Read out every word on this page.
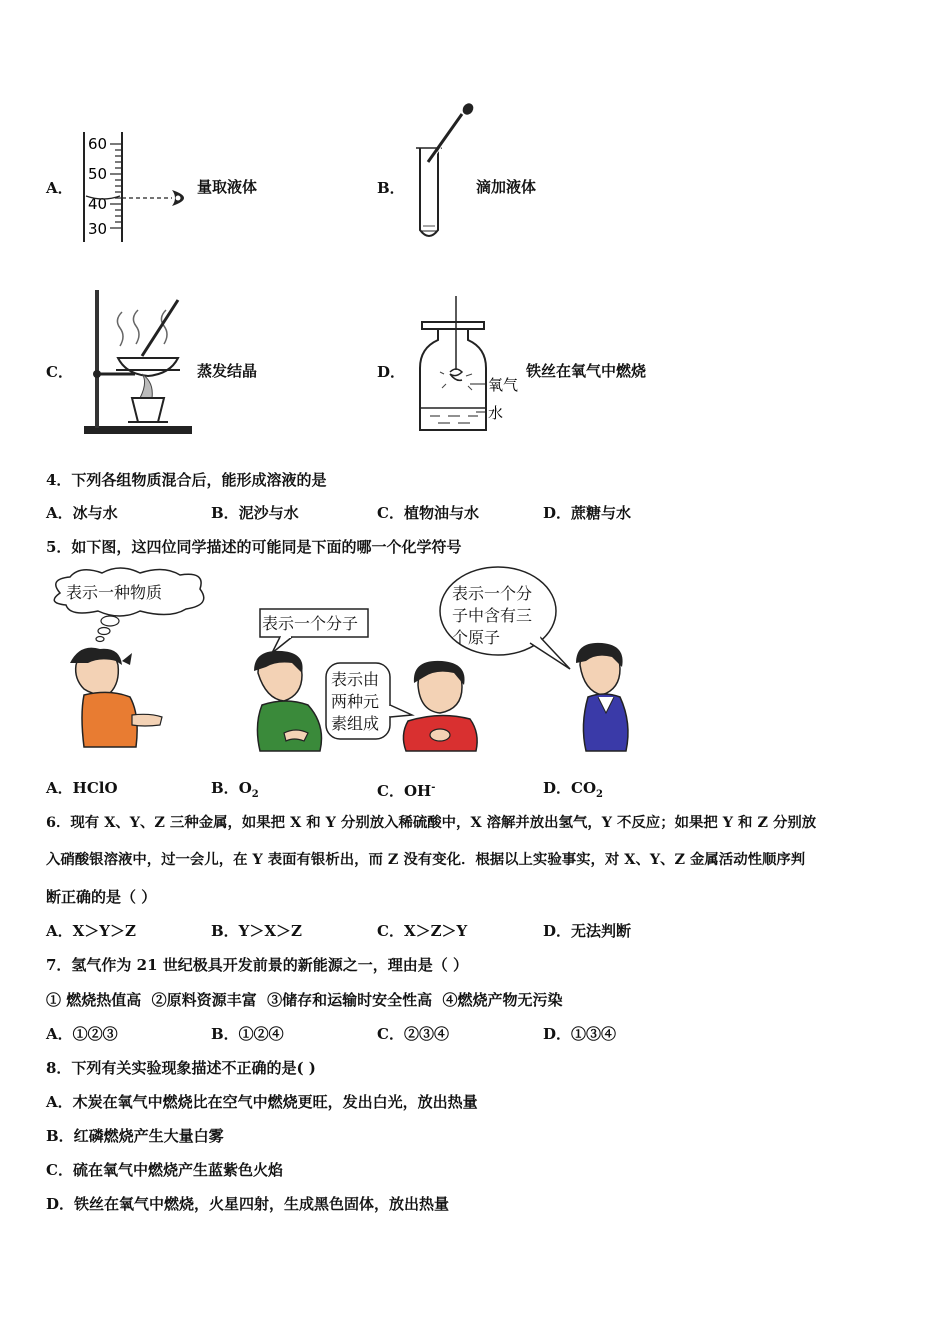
A．
60
50
40
30
量取液体	B．	滴加液体
C．	蒸发结晶	D．
氧气
水
铁丝在氧气中燃烧
4．下列各组物质混合后，能形成溶液的是
A．冰与水	B．泥沙与水	C．植物油与水	D．蔗糖与水
5．如下图，这四位同学描述的可能同是下面的哪一个化学符号
表示一种物质
表示一个分子
表示由
两种元
素组成
表示一个分
子中含有三
个原子
A．HClO	B．$O_2$	C．OH-	D．$CO_2$
6．现有 X、Y、Z 三种金属，如果把 X 和 Y 分别放入稀硫酸中，X 溶解并放出氢气，Y 不反应；如果把 Y 和 Z 分别放
入硝酸银溶液中，过一会儿，在 Y 表面有银析出，而 Z 没有变化．根据以上实验事实，对 X、Y、Z 金属活动性顺序判
断正确的是（ ）
A．X＞Y＞Z	B．Y＞X＞Z	C．X＞Z＞Y	D．无法判断
7．氢气作为 21 世纪极具开发前景的新能源之一，理由是（ ）
① 燃烧热值高  ②原料资源丰富  ③储存和运输时安全性高  ④燃烧产物无污染
A．①②③	B．①②④	C．②③④	D．①③④
8．下列有关实验现象描述不正确的是( )
A．木炭在氧气中燃烧比在空气中燃烧更旺，发出白光，放出热量
B．红磷燃烧产生大量白雾
C．硫在氧气中燃烧产生蓝紫色火焰
D．铁丝在氧气中燃烧，火星四射，生成黑色固体，放出热量
